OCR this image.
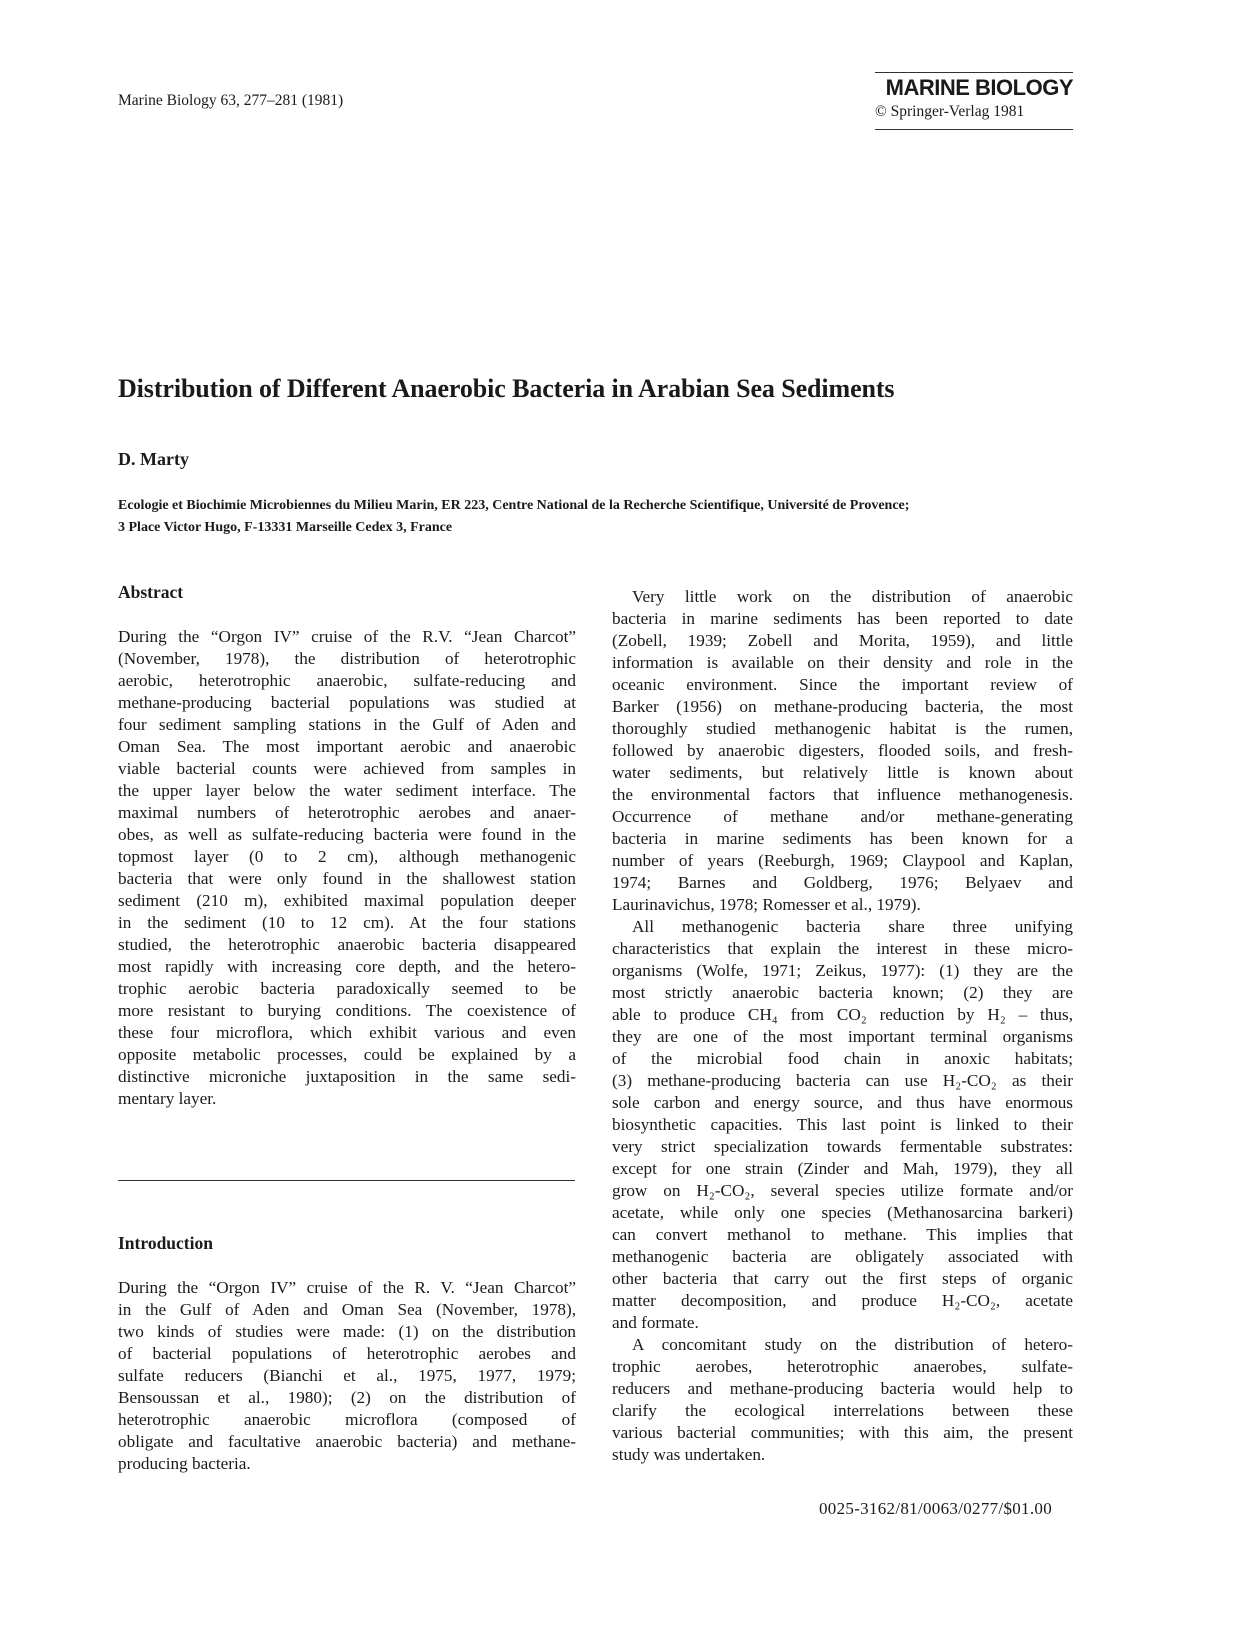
Marine Biology 63, 277–281 (1981)
MARINE BIOLOGY
© Springer-Verlag 1981
Distribution of Different Anaerobic Bacteria in Arabian Sea Sediments
D. Marty
Ecologie et Biochimie Microbiennes du Milieu Marin, ER 223, Centre National de la Recherche Scientifique, Université de Provence;
3 Place Victor Hugo, F-13331 Marseille Cedex 3, France
Abstract
During the “Orgon IV” cruise of the R.V. “Jean Charcot”
(November, 1978), the distribution of heterotrophic
aerobic, heterotrophic anaerobic, sulfate-reducing and
methane-producing bacterial populations was studied at
four sediment sampling stations in the Gulf of Aden and
Oman Sea. The most important aerobic and anaerobic
viable bacterial counts were achieved from samples in
the upper layer below the water sediment interface. The
maximal numbers of heterotrophic aerobes and anaer-
obes, as well as sulfate-reducing bacteria were found in the
topmost layer (0 to 2 cm), although methanogenic
bacteria that were only found in the shallowest station
sediment (210 m), exhibited maximal population deeper
in the sediment (10 to 12 cm). At the four stations
studied, the heterotrophic anaerobic bacteria disappeared
most rapidly with increasing core depth, and the hetero-
trophic aerobic bacteria paradoxically seemed to be
more resistant to burying conditions. The coexistence of
these four microflora, which exhibit various and even
opposite metabolic processes, could be explained by a
distinctive microniche juxtaposition in the same sedi-
mentary layer.
Introduction
During the “Orgon IV” cruise of the R. V. “Jean Charcot”
in the Gulf of Aden and Oman Sea (November, 1978),
two kinds of studies were made: (1) on the distribution
of bacterial populations of heterotrophic aerobes and
sulfate reducers (Bianchi et al., 1975, 1977, 1979;
Bensoussan et al., 1980); (2) on the distribution of
heterotrophic anaerobic microflora (composed of
obligate and facultative anaerobic bacteria) and methane-
producing bacteria.
Very little work on the distribution of anaerobic
bacteria in marine sediments has been reported to date
(Zobell, 1939; Zobell and Morita, 1959), and little
information is available on their density and role in the
oceanic environment. Since the important review of
Barker (1956) on methane-producing bacteria, the most
thoroughly studied methanogenic habitat is the rumen,
followed by anaerobic digesters, flooded soils, and fresh-
water sediments, but relatively little is known about
the environmental factors that influence methanogenesis.
Occurrence of methane and/or methane-generating
bacteria in marine sediments has been known for a
number of years (Reeburgh, 1969; Claypool and Kaplan,
1974; Barnes and Goldberg, 1976; Belyaev and
Laurinavichus, 1978; Romesser et al., 1979).
All methanogenic bacteria share three unifying
characteristics that explain the interest in these micro-
organisms (Wolfe, 1971; Zeikus, 1977): (1) they are the
most strictly anaerobic bacteria known; (2) they are
able to produce CH₄ from CO₂ reduction by H₂ – thus,
they are one of the most important terminal organisms
of the microbial food chain in anoxic habitats;
(3) methane-producing bacteria can use H₂-CO₂ as their
sole carbon and energy source, and thus have enormous
biosynthetic capacities. This last point is linked to their
very strict specialization towards fermentable substrates:
except for one strain (Zinder and Mah, 1979), they all
grow on H₂-CO₂, several species utilize formate and/or
acetate, while only one species (Methanosarcina barkeri)
can convert methanol to methane. This implies that
methanogenic bacteria are obligately associated with
other bacteria that carry out the first steps of organic
matter decomposition, and produce H₂-CO₂, acetate
and formate.
A concomitant study on the distribution of hetero-
trophic aerobes, heterotrophic anaerobes, sulfate-
reducers and methane-producing bacteria would help to
clarify the ecological interrelations between these
various bacterial communities; with this aim, the present
study was undertaken.
0025-3162/81/0063/0277/$01.00
